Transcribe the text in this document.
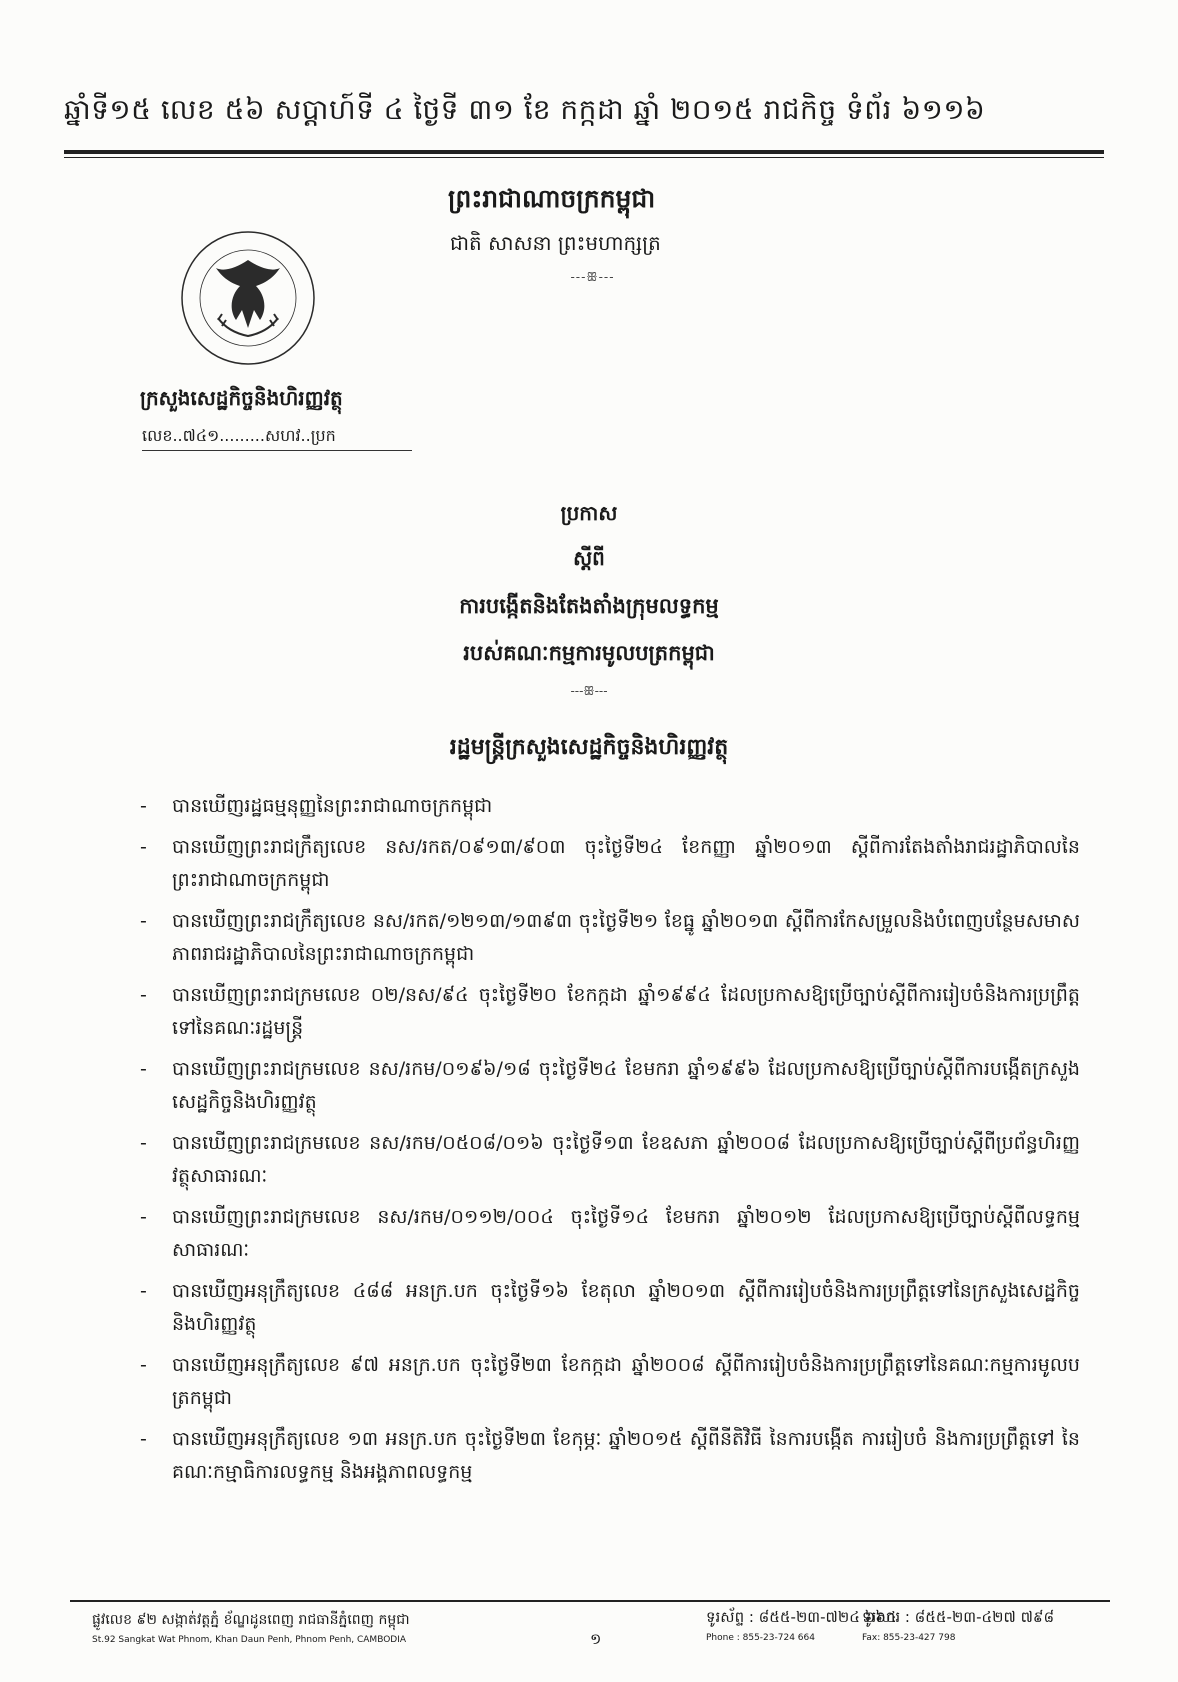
ឆ្នាំទី១៥ លេខ ៥៦ សប្តាហ៍ទី ៤ ថ្ងៃទី ៣១ ខែ កក្កដា ឆ្នាំ ២០១៥ រាជកិច្ច ទំព័រ ៦១១៦
ព្រះរាជាណាចក្រកម្ពុជា
ជាតិ សាសនា ព្រះមហាក្សត្រ
---ꕥ---
ក្រសួងសេដ្ឋកិច្ចនិងហិរញ្ញវត្ថុ
លេខ..៧៤១.........សហវ..ប្រក
ប្រកាស
ស្តីពី
ការបង្កើតនិងតែងតាំងក្រុមលទ្ធកម្ម
របស់គណៈកម្មការមូលបត្រកម្ពុជា
---ꕥ---
រដ្ឋមន្ត្រីក្រសួងសេដ្ឋកិច្ចនិងហិរញ្ញវត្ថុ
- បានឃើញរដ្ឋធម្មនុញ្ញនៃព្រះរាជាណាចក្រកម្ពុជា
- បានឃើញព្រះរាជក្រឹត្យលេខ នស/រកត/០៩១៣/៩០៣ ចុះថ្ងៃទី២៤ ខែកញ្ញា ឆ្នាំ២០១៣ ស្តីពីការតែងតាំងរាជរដ្ឋាភិបាលនៃព្រះរាជាណាចក្រកម្ពុជា
- បានឃើញព្រះរាជក្រឹត្យលេខ នស/រកត/១២១៣/១៣៩៣ ចុះថ្ងៃទី២១ ខែធ្នូ ឆ្នាំ២០១៣ ស្តីពីការកែសម្រួលនិងបំពេញបន្ថែមសមាសភាពរាជរដ្ឋាភិបាលនៃព្រះរាជាណាចក្រកម្ពុជា
- បានឃើញព្រះរាជក្រមលេខ ០២/នស/៩៤ ចុះថ្ងៃទី២០ ខែកក្កដា ឆ្នាំ១៩៩៤ ដែលប្រកាសឱ្យប្រើច្បាប់ស្តីពីការរៀបចំនិងការប្រព្រឹត្តទៅនៃគណៈរដ្ឋមន្ត្រី
- បានឃើញព្រះរាជក្រមលេខ នស/រកម/០១៩៦/១៨ ចុះថ្ងៃទី២៤ ខែមករា ឆ្នាំ១៩៩៦ ដែលប្រកាសឱ្យប្រើច្បាប់ស្តីពីការបង្កើតក្រសួងសេដ្ឋកិច្ចនិងហិរញ្ញវត្ថុ
- បានឃើញព្រះរាជក្រមលេខ នស/រកម/០៥០៨/០១៦ ចុះថ្ងៃទី១៣ ខែឧសភា ឆ្នាំ២០០៨ ដែលប្រកាសឱ្យប្រើច្បាប់ស្តីពីប្រព័ន្ធហិរញ្ញវត្ថុសាធារណៈ
- បានឃើញព្រះរាជក្រមលេខ នស/រកម/០១១២/០០៤ ចុះថ្ងៃទី១៤ ខែមករា ឆ្នាំ២០១២ ដែលប្រកាសឱ្យប្រើច្បាប់ស្តីពីលទ្ធកម្មសាធារណៈ
- បានឃើញអនុក្រឹត្យលេខ ៤៨៨ អនក្រ.បក ចុះថ្ងៃទី១៦ ខែតុលា ឆ្នាំ២០១៣ ស្តីពីការរៀបចំនិងការប្រព្រឹត្តទៅនៃក្រសួងសេដ្ឋកិច្ចនិងហិរញ្ញវត្ថុ
- បានឃើញអនុក្រឹត្យលេខ ៩៧ អនក្រ.បក ចុះថ្ងៃទី២៣ ខែកក្កដា ឆ្នាំ២០០៨ ស្តីពីការរៀបចំនិងការប្រព្រឹត្តទៅនៃគណៈកម្មការមូលបត្រកម្ពុជា
- បានឃើញអនុក្រឹត្យលេខ ១៣ អនក្រ.បក ចុះថ្ងៃទី២៣ ខែកុម្ភៈ ឆ្នាំ២០១៥ ស្តីពីនីតិវិធី នៃការបង្កើត ការរៀបចំ និងការប្រព្រឹត្តទៅ នៃគណៈកម្មាធិការលទ្ធកម្ម និងអង្គភាពលទ្ធកម្ម
ផ្លូវលេខ ៩២ សង្កាត់វត្តភ្នំ ខ័ណ្ឌដូនពេញ រាជធានីភ្នំពេញ កម្ពុជា
St.92 Sangkat Wat Phnom, Khan Daun Penh, Phnom Penh, CAMBODIA
ទូរស័ព្ទ : ៨៥៥-២៣-៧២៤ ៦៦៤
Phone : 855-23-724 664
ទូរសារ : ៨៥៥-២៣-៤២៧ ៧៩៨
Fax: 855-23-427 798
១
